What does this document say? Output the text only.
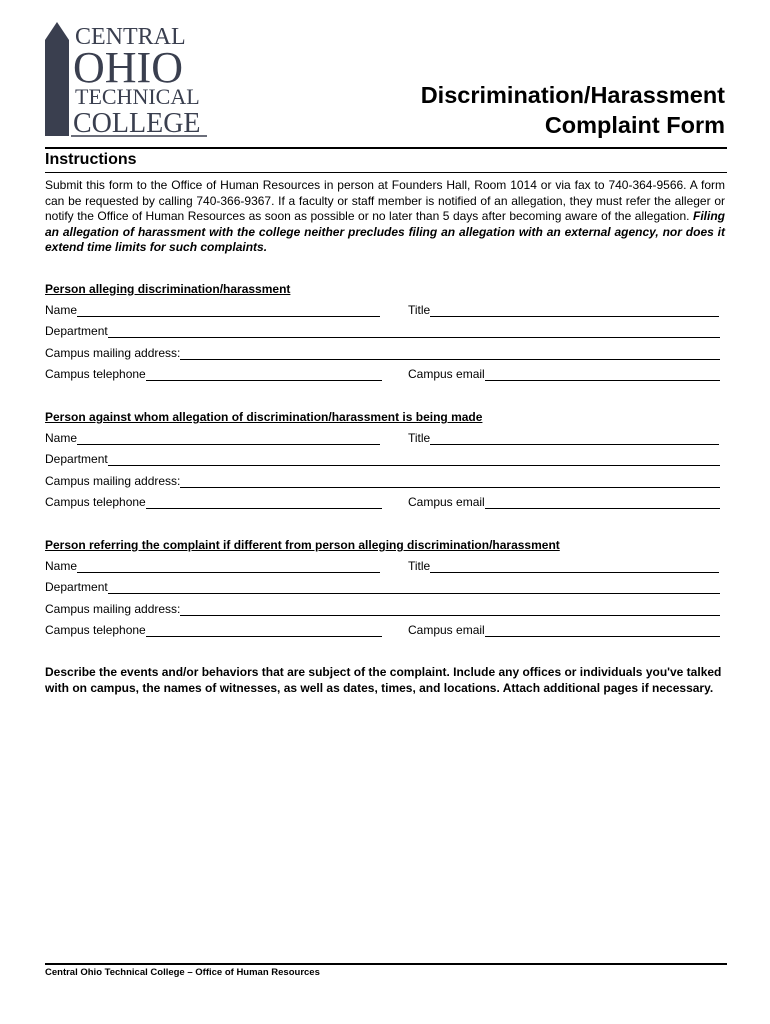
CENTRAL
OHIO
TECHNICAL
COLLEGE
Discrimination/Harassment
Complaint Form
Instructions
Submit this form to the Office of Human Resources in person at Founders Hall, Room 1014 or via fax to 740-364-9566. A form can be requested by calling 740-366-9367. If a faculty or staff member is notified of an allegation, they must refer the alleger or notify the Office of Human Resources as soon as possible or no later than 5 days after becoming aware of the allegation. Filing an allegation of harassment with the college neither precludes filing an allegation with an external agency, nor does it extend time limits for such complaints.
Person alleging discrimination/harassment
Name	Title
Department
Campus mailing address:
Campus telephone	Campus email
Person against whom allegation of discrimination/harassment is being made
Name	Title
Department
Campus mailing address:
Campus telephone	Campus email
Person referring the complaint if different from person alleging discrimination/harassment
Name	Title
Department
Campus mailing address:
Campus telephone	Campus email
Describe the events and/or behaviors that are subject of the complaint. Include any offices or individuals you've talked with on campus, the names of witnesses, as well as dates, times, and locations. Attach additional pages if necessary.
Central Ohio Technical College – Office of Human Resources
